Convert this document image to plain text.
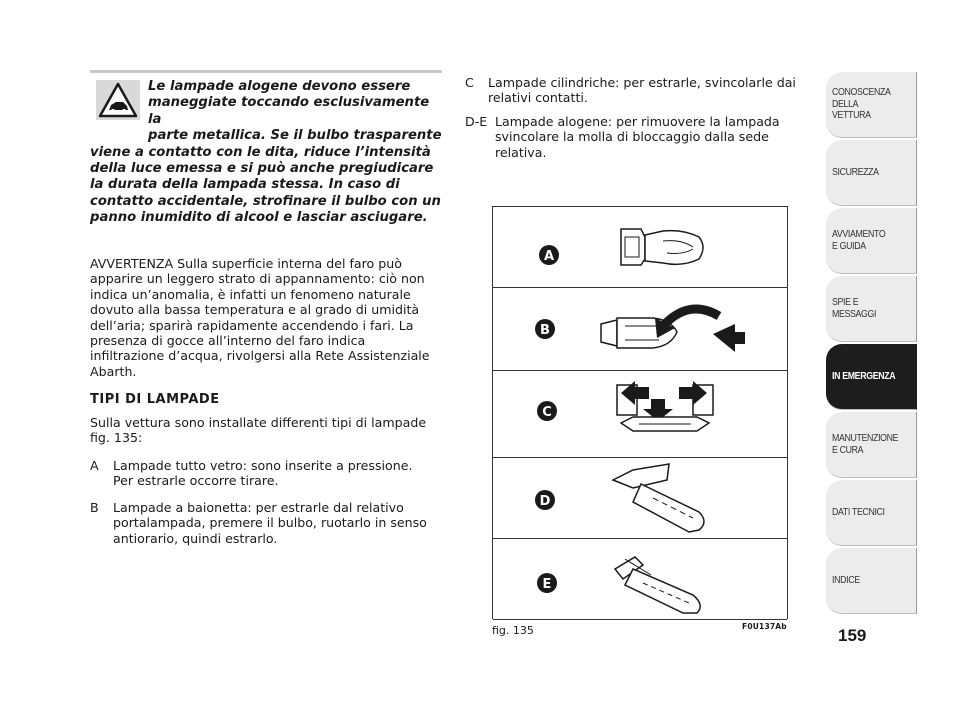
Le lampade alogene devono essere
maneggiate toccando esclusivamente la
parte metallica. Se il bulbo trasparente
viene a contatto con le dita, riduce l’intensità della luce emessa e si può anche pregiudicare la durata della lampada stessa. In caso di contatto accidentale, strofinare il bulbo con un panno inumidito di alcool e lasciar asciugare.
AVVERTENZA Sulla superficie interna del faro può apparire un leggero strato di appannamento: ciò non indica un’anomalia, è infatti un fenomeno naturale dovuto alla bassa temperatura e al grado di umidità dell’aria; sparirà rapidamente accendendo i fari. La presenza di gocce all’interno del faro indica infiltrazione d’acqua, rivolgersi alla Rete Assistenziale Abarth.
TIPI DI LAMPADE
Sulla vettura sono installate differenti tipi di lampade fig. 135:
A	Lampade tutto vetro: sono inserite a pressione. Per estrarle occorre tirare.
B	Lampade a baionetta: per estrarle dal relativo portalampada, premere il bulbo, ruotarlo in senso antiorario, quindi estrarlo.
C	Lampade cilindriche: per estrarle, svincolarle dai relativi contatti.
D-E Lampade alogene: per rimuovere la lampada svincolare la molla di bloccaggio dalla sede relativa.
A
B
C
D
E
fig. 135	F0U137Ab
CONOSCENZA
DELLA
VETTURA
SICUREZZA
AVVIAMENTO
E GUIDA
SPIE E
MESSAGGI
IN EMERGENZA
MANUTENZIONE
E CURA
DATI TECNICI
INDICE
159
